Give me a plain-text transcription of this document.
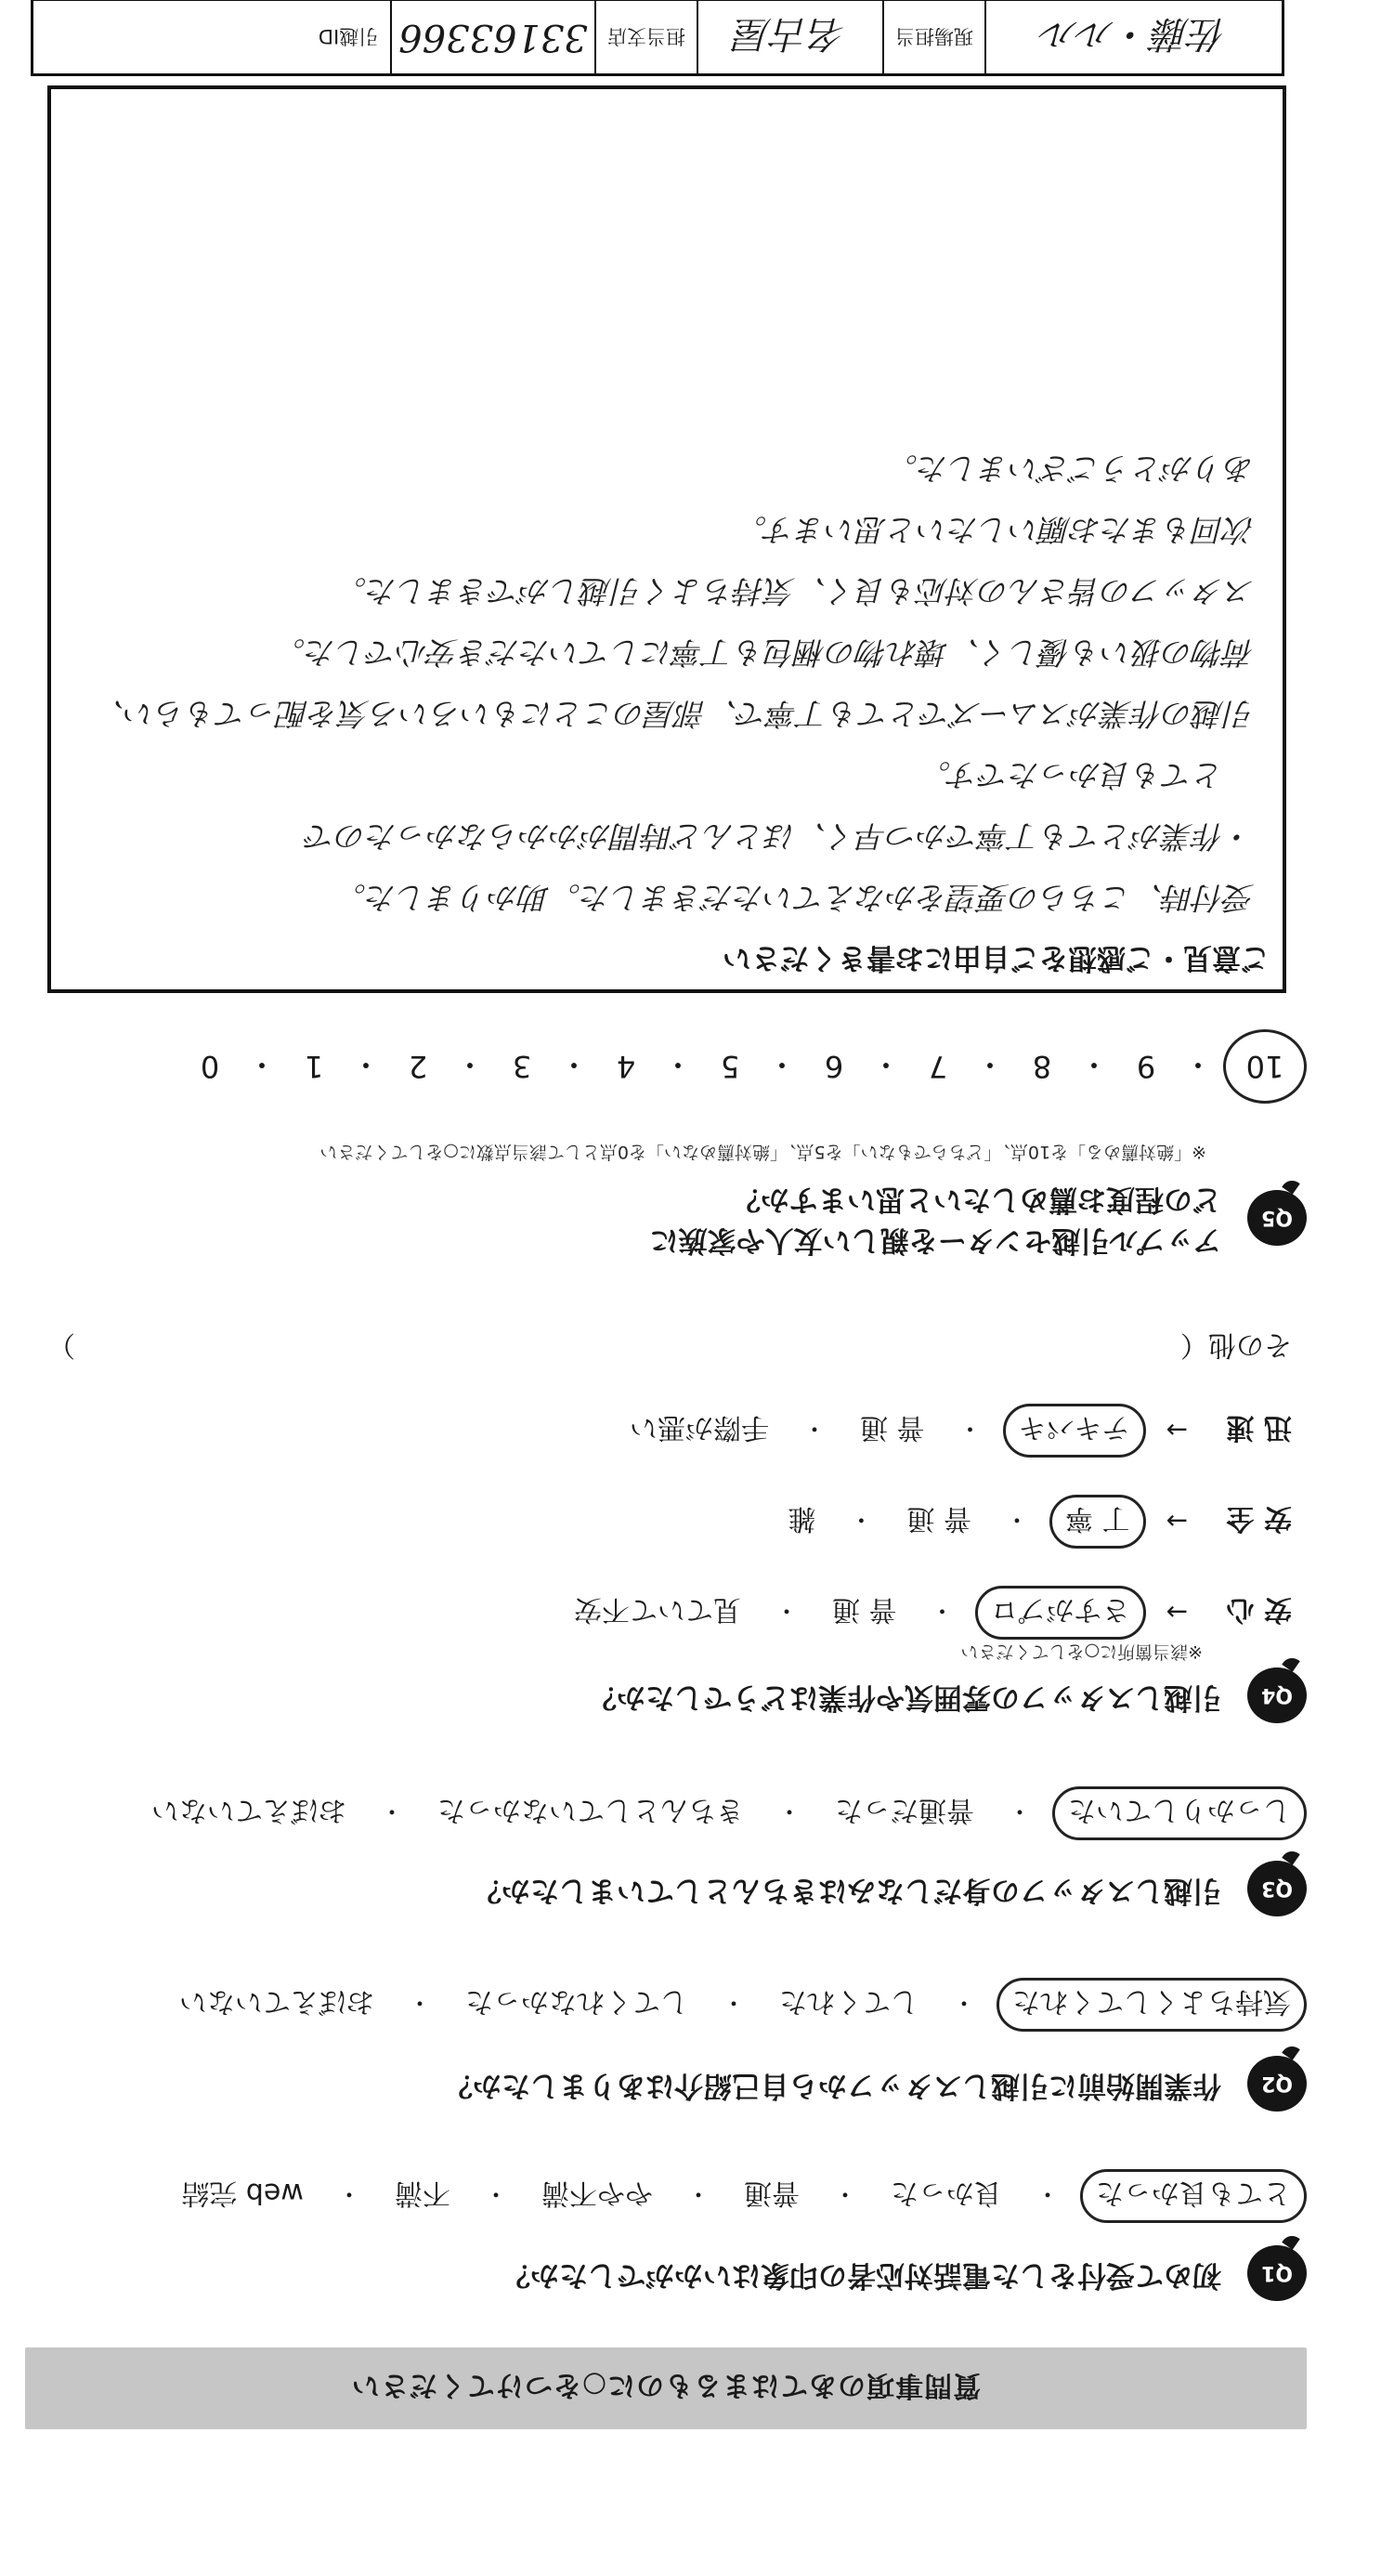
質問事項のあてはまるものに○をつけてください
Q1
初めて受付をした電話対応者の印象はいかがでしたか？
とても良かった
・
良かった
・
普通
・
やや不満
・
不満
・
web 完結
Q2
作業開始前に引越しスタッフから自己紹介はありましたか？
気持ちよくしてくれた
・
してくれた
・
してくれなかった
・
おぼえていない
Q3
引越しスタッフの身だしなみはきちんとしていましたか？
しっかりしていた
・
普通だった
・
きちんとしていなかった
・
おぼえていない
Q4
引越しスタッフの雰囲気や作業はどうでしたか？
※該当箇所に○をしてください
安 心
→
さすがプロ
・
普 通
・
見ていて不安
安 全
→
丁 寧
・
普 通
・
雑
迅 速
→
テキパキ
・
普 通
・
手際が悪い
その他（
）
Q5
アップル引越センターを親しい友人や家族に
どの程度お薦めしたいと思いますか？
※「絶対薦める」を10点、「どちらでもない」を5点、「絶対薦めない」を0点として該当点数に○をしてください
10
・
9
・
8
・
7
・
6
・
5
・
4
・
3
・
2
・
1
・
0
ご意見・ご感想をご自由にお書きください

受付時、こちらの要望をかなえていただきました。助かりました。

・作業がとても丁寧でかつ早く、ほとんど時間がかからなかったので

　とても良かったです。

引越の作業がスムーズでとても丁寧で、部屋のことにもいろいろ気を配ってもらい、

荷物の扱いも優しく、壊れ物の梱包も丁寧にしていただき安心でした。

スタッフの皆さんの対応も良く、気持ちよく引越しができました。

次回もまたお願いしたいと思います。

ありがとうございました。

佐藤・ルル
現場担当
名古屋
担当支店
33163366
引越ID
